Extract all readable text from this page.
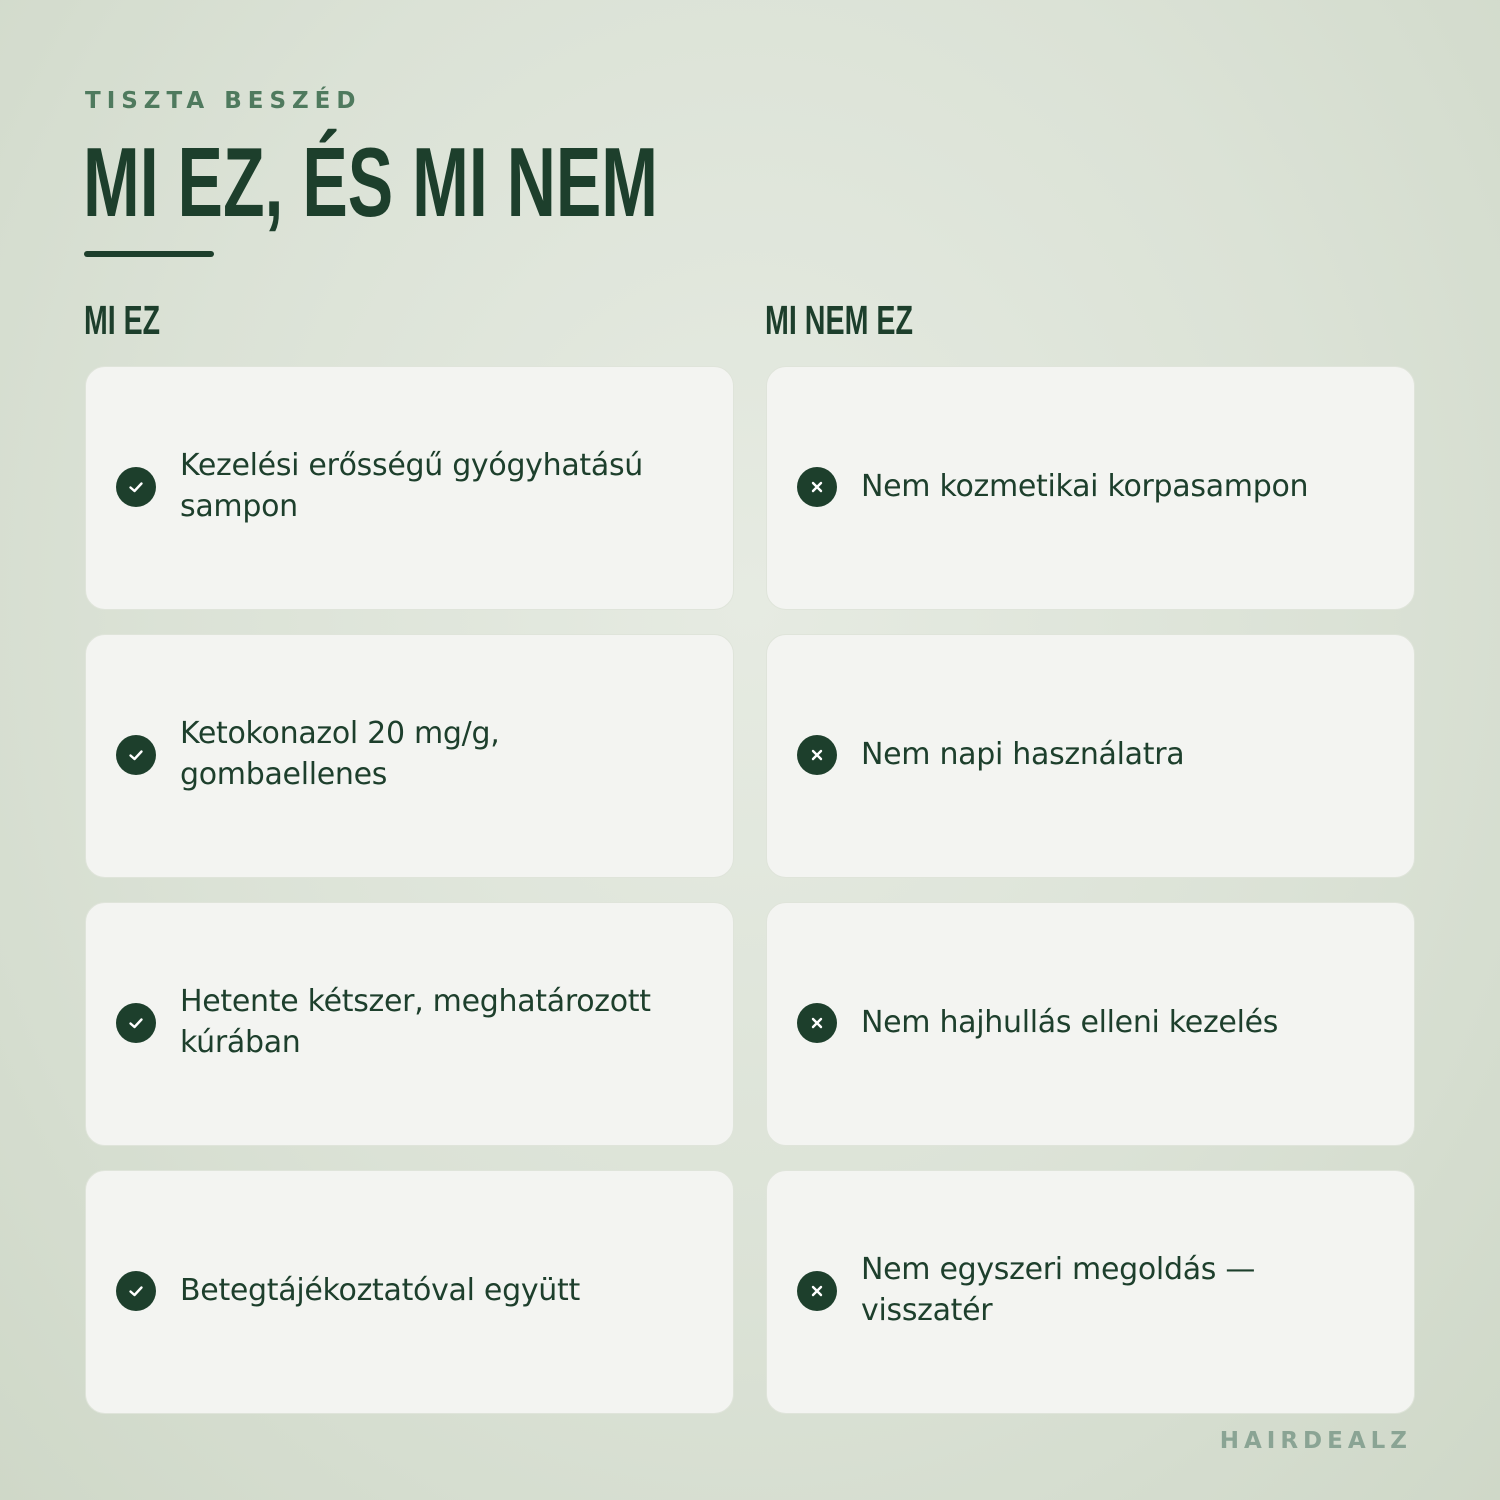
TISZTA BESZÉD
MI EZ, ÉS MI NEM
MI EZ	MI NEM EZ
Kezelési erősségű gyógyhatású
sampon
Ketokonazol 20 mg/g,
gombaellenes
Hetente kétszer, meghatározott
kúrában
Betegtájékoztatóval együtt
Nem kozmetikai korpasampon
Nem napi használatra
Nem hajhullás elleni kezelés
Nem egyszeri megoldás —
visszatér
HAIRDEALZ
